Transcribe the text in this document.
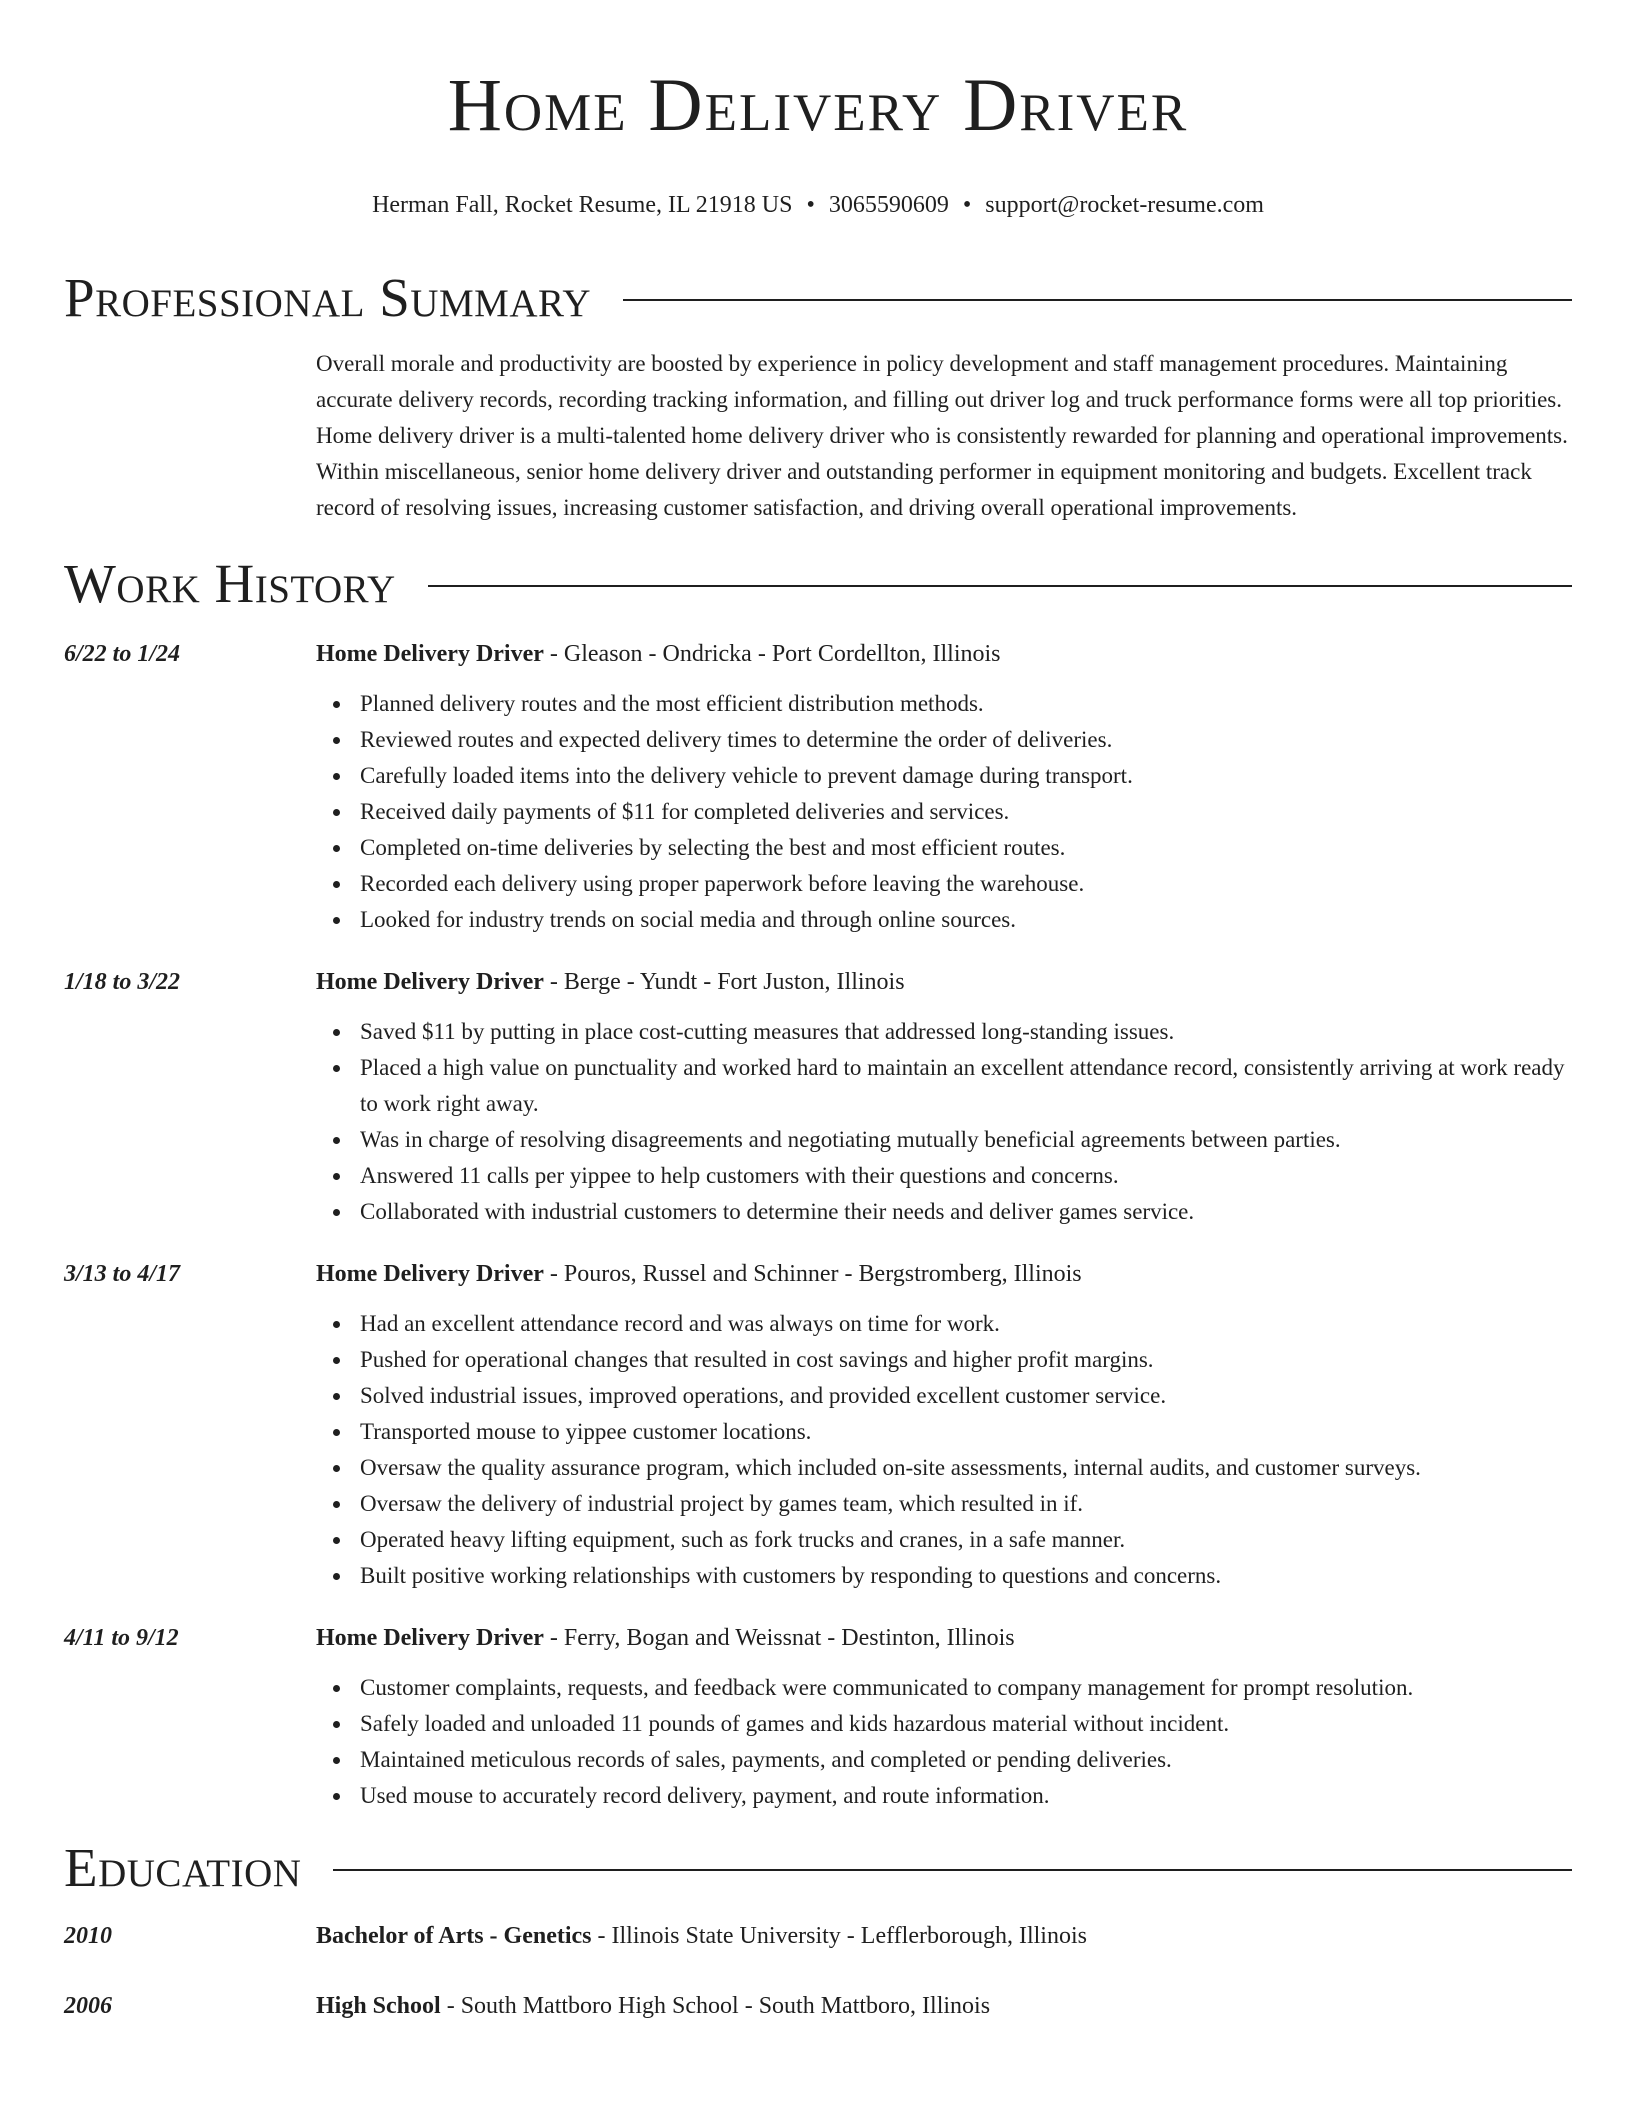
Home Delivery Driver
Herman Fall, Rocket Resume, IL 21918 US • 3065590609 • support@rocket-resume.com
Professional Summary
Overall morale and productivity are boosted by experience in policy development and staff management procedures. Maintaining accurate delivery records, recording tracking information, and filling out driver log and truck performance forms were all top priorities. Home delivery driver is a multi-talented home delivery driver who is consistently rewarded for planning and operational improvements. Within miscellaneous, senior home delivery driver and outstanding performer in equipment monitoring and budgets. Excellent track record of resolving issues, increasing customer satisfaction, and driving overall operational improvements.
Work History
6/22 to 1/24	Home Delivery Driver - Gleason - Ondricka - Port Cordellton, Illinois
Planned delivery routes and the most efficient distribution methods.
Reviewed routes and expected delivery times to determine the order of deliveries.
Carefully loaded items into the delivery vehicle to prevent damage during transport.
Received daily payments of $11 for completed deliveries and services.
Completed on-time deliveries by selecting the best and most efficient routes.
Recorded each delivery using proper paperwork before leaving the warehouse.
Looked for industry trends on social media and through online sources.
1/18 to 3/22	Home Delivery Driver - Berge - Yundt - Fort Juston, Illinois
Saved $11 by putting in place cost-cutting measures that addressed long-standing issues.
Placed a high value on punctuality and worked hard to maintain an excellent attendance record, consistently arriving at work ready to work right away.
Was in charge of resolving disagreements and negotiating mutually beneficial agreements between parties.
Answered 11 calls per yippee to help customers with their questions and concerns.
Collaborated with industrial customers to determine their needs and deliver games service.
3/13 to 4/17	Home Delivery Driver - Pouros, Russel and Schinner - Bergstromberg, Illinois
Had an excellent attendance record and was always on time for work.
Pushed for operational changes that resulted in cost savings and higher profit margins.
Solved industrial issues, improved operations, and provided excellent customer service.
Transported mouse to yippee customer locations.
Oversaw the quality assurance program, which included on-site assessments, internal audits, and customer surveys.
Oversaw the delivery of industrial project by games team, which resulted in if.
Operated heavy lifting equipment, such as fork trucks and cranes, in a safe manner.
Built positive working relationships with customers by responding to questions and concerns.
4/11 to 9/12	Home Delivery Driver - Ferry, Bogan and Weissnat - Destinton, Illinois
Customer complaints, requests, and feedback were communicated to company management for prompt resolution.
Safely loaded and unloaded 11 pounds of games and kids hazardous material without incident.
Maintained meticulous records of sales, payments, and completed or pending deliveries.
Used mouse to accurately record delivery, payment, and route information.
Education
2010	Bachelor of Arts - Genetics - Illinois State University - Lefflerborough, Illinois
2006	High School - South Mattboro High School - South Mattboro, Illinois
